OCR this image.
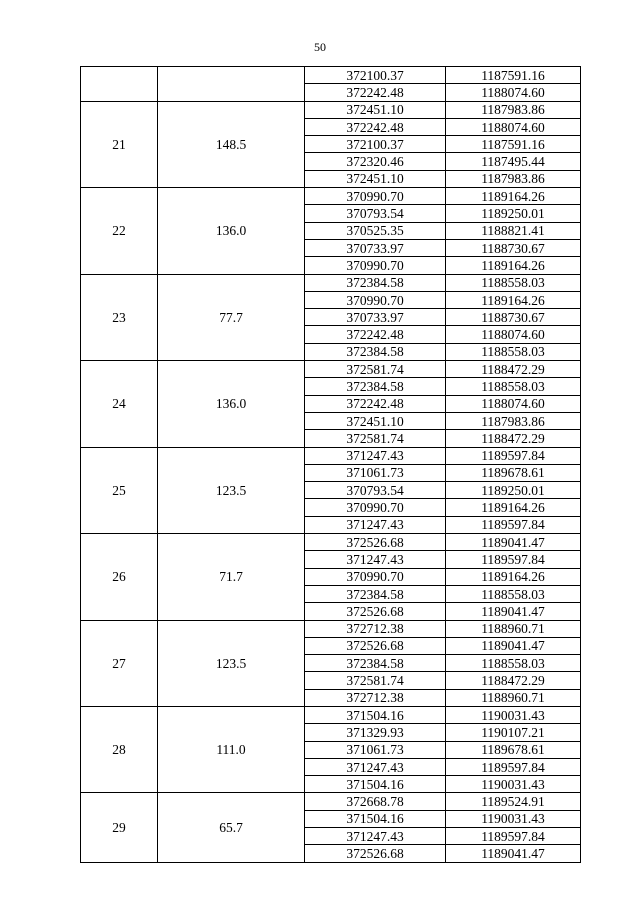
50
		372100.37	1187591.16
		372242.48	1188074.60
21	148.5	372451.10	1187983.86
		372242.48	1188074.60
		372100.37	1187591.16
		372320.46	1187495.44
		372451.10	1187983.86
22	136.0	370990.70	1189164.26
		370793.54	1189250.01
		370525.35	1188821.41
		370733.97	1188730.67
		370990.70	1189164.26
23	77.7	372384.58	1188558.03
		370990.70	1189164.26
		370733.97	1188730.67
		372242.48	1188074.60
		372384.58	1188558.03
24	136.0	372581.74	1188472.29
		372384.58	1188558.03
		372242.48	1188074.60
		372451.10	1187983.86
		372581.74	1188472.29
25	123.5	371247.43	1189597.84
		371061.73	1189678.61
		370793.54	1189250.01
		370990.70	1189164.26
		371247.43	1189597.84
26	71.7	372526.68	1189041.47
		371247.43	1189597.84
		370990.70	1189164.26
		372384.58	1188558.03
		372526.68	1189041.47
27	123.5	372712.38	1188960.71
		372526.68	1189041.47
		372384.58	1188558.03
		372581.74	1188472.29
		372712.38	1188960.71
28	111.0	371504.16	1190031.43
		371329.93	1190107.21
		371061.73	1189678.61
		371247.43	1189597.84
		371504.16	1190031.43
29	65.7	372668.78	1189524.91
		371504.16	1190031.43
		371247.43	1189597.84
		372526.68	1189041.47
